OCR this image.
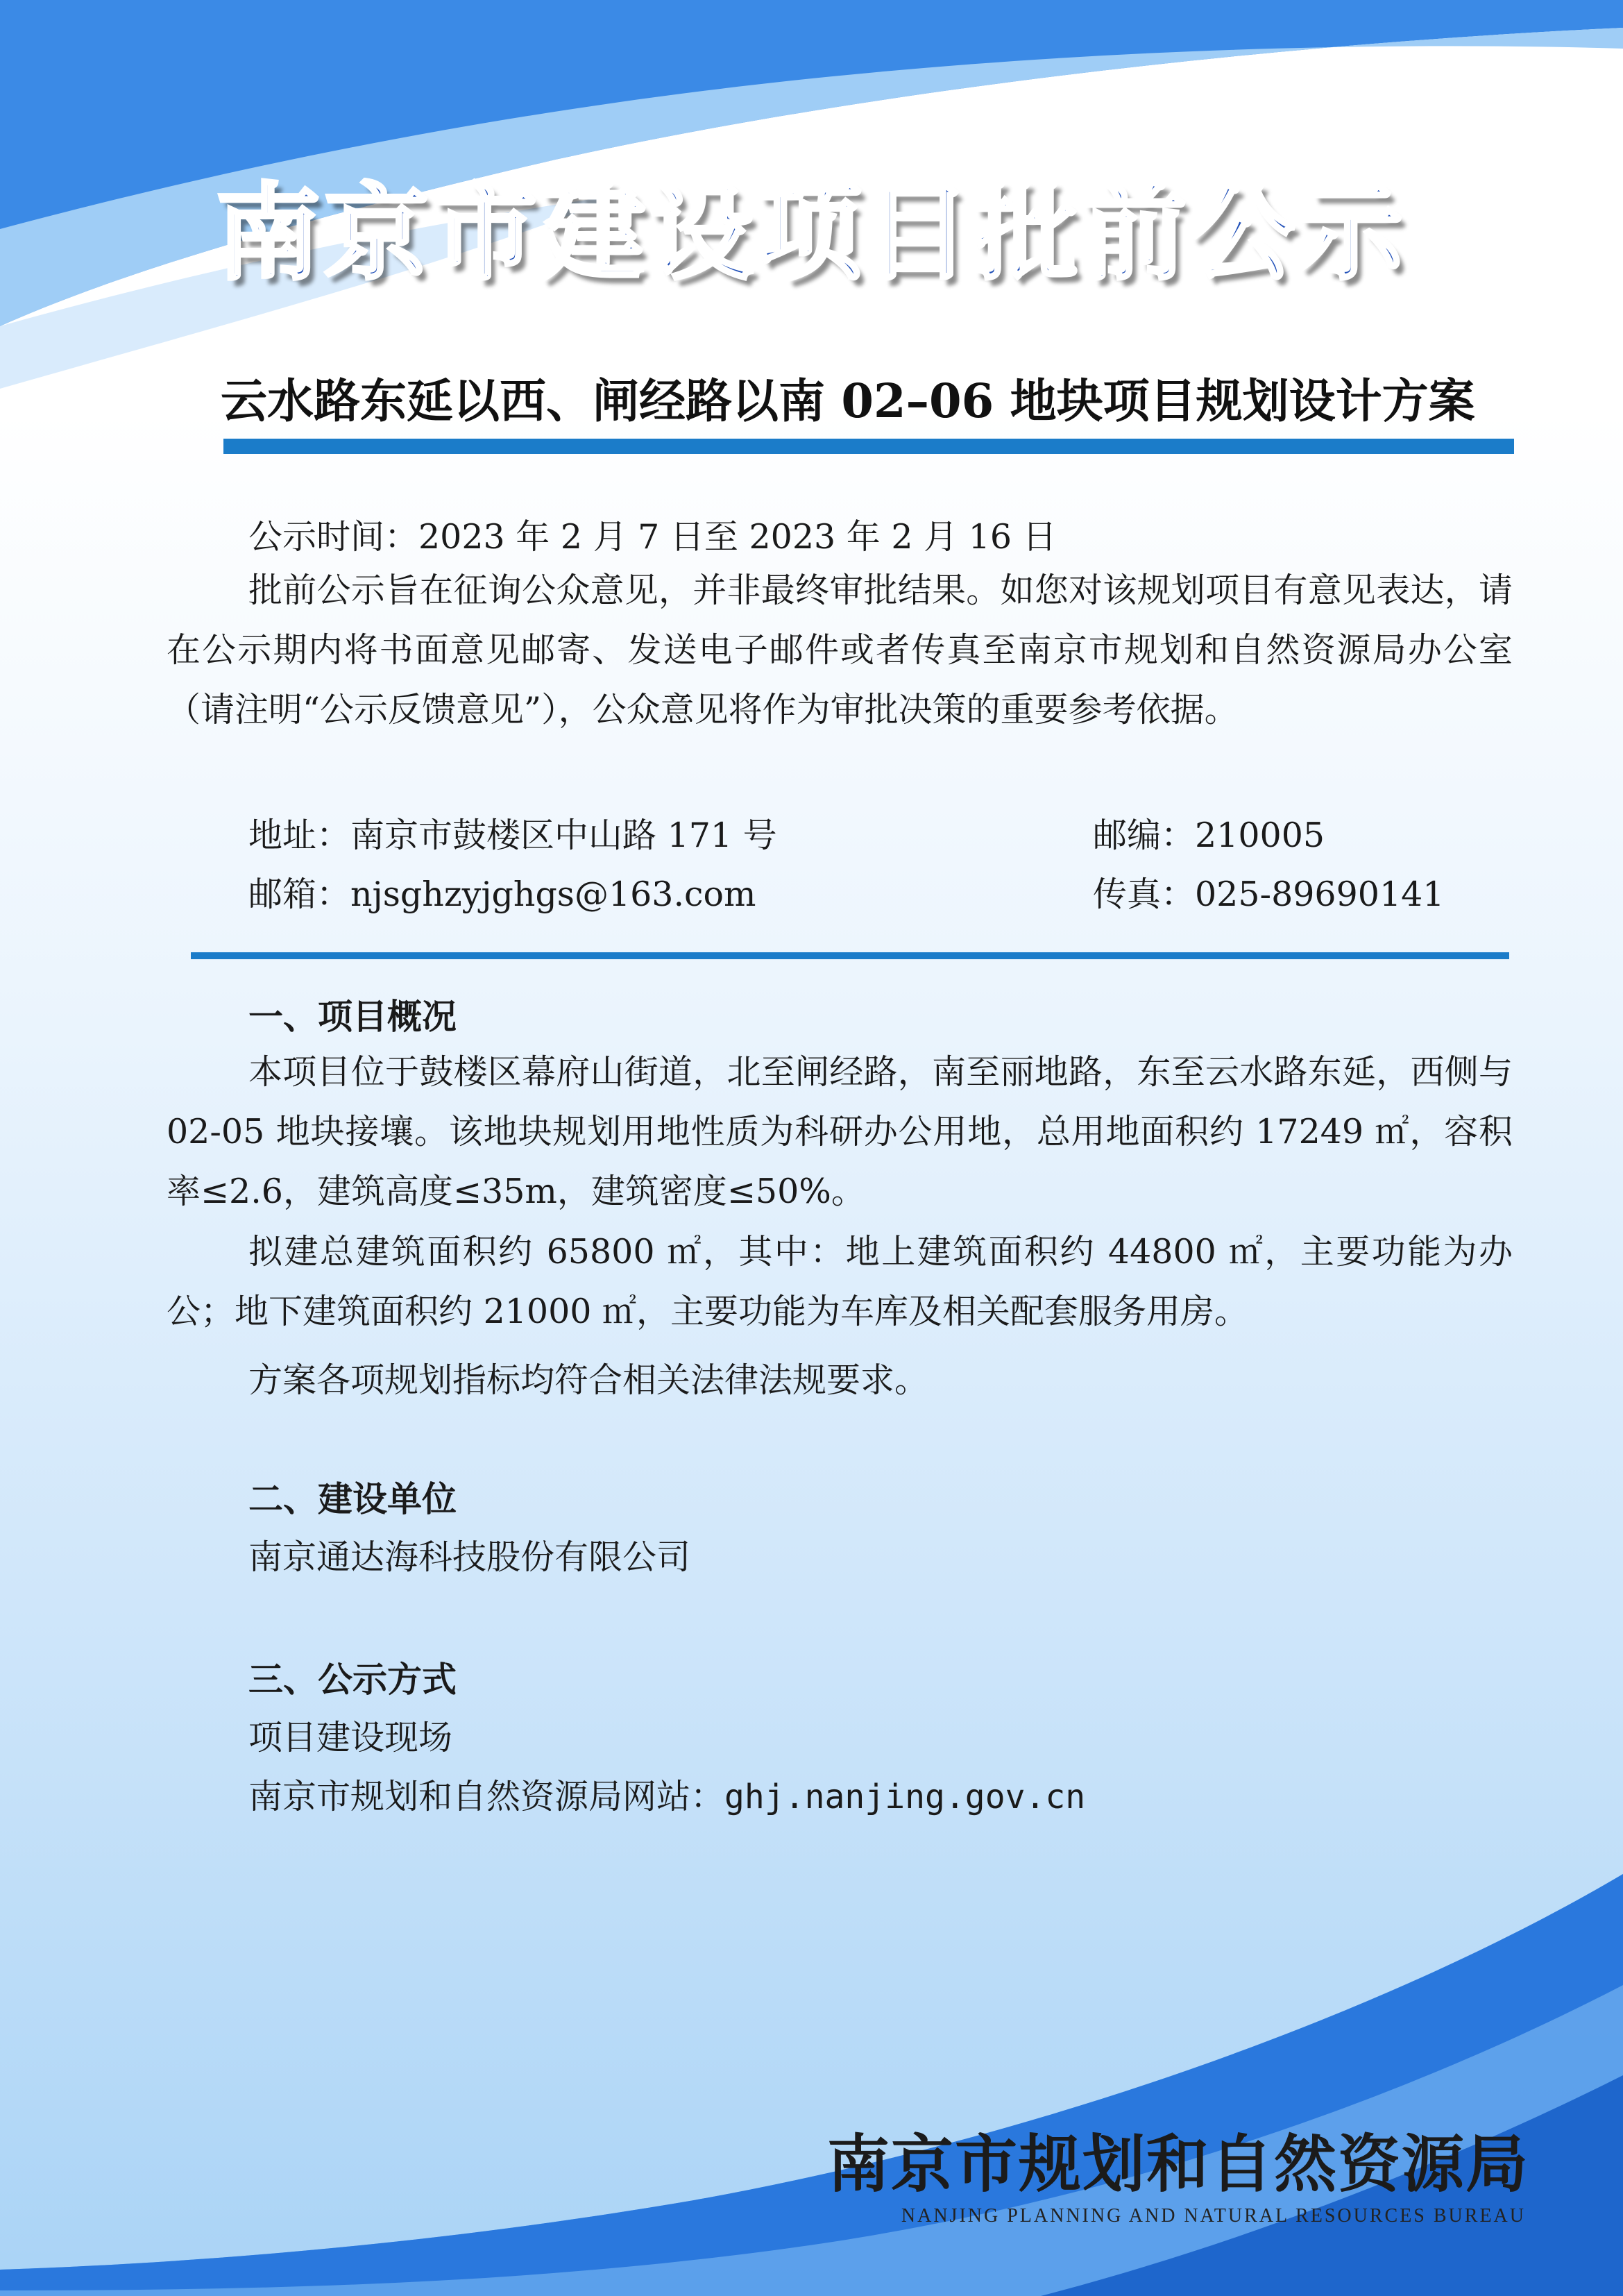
南京市建设项目批前公示
云水路东延以西、闸经路以南 02–06 地块项目规划设计方案
公示时间：2023 年 2 月 7 日至 2023 年 2 月 16 日
批前公示旨在征询公众意见，并非最终审批结果。如您对该规划项目有意见表达，请在公示期内将书面意见邮寄、发送电子邮件或者传真至南京市规划和自然资源局办公室（请注明“公示反馈意见”），公众意见将作为审批决策的重要参考依据。
地址：南京市鼓楼区中山路 171 号	邮编：210005
邮箱：njsghzyjghgs@163.com	传真：025-89690141
一、项目概况
本项目位于鼓楼区幕府山街道，北至闸经路，南至丽地路，东至云水路东延，西侧与 02-05 地块接壤。该地块规划用地性质为科研办公用地，总用地面积约 17249 ㎡，容积率≤2.6，建筑高度≤35m，建筑密度≤50%。
拟建总建筑面积约 65800 ㎡，其中：地上建筑面积约 44800 ㎡，主要功能为办公；地下建筑面积约 21000 ㎡，主要功能为车库及相关配套服务用房。
方案各项规划指标均符合相关法律法规要求。
二、建设单位
南京通达海科技股份有限公司
三、公示方式
项目建设现场
南京市规划和自然资源局网站：ghj.nanjing.gov.cn
南京市规划和自然资源局
NANJING PLANNING AND NATURAL RESOURCES BUREAU
